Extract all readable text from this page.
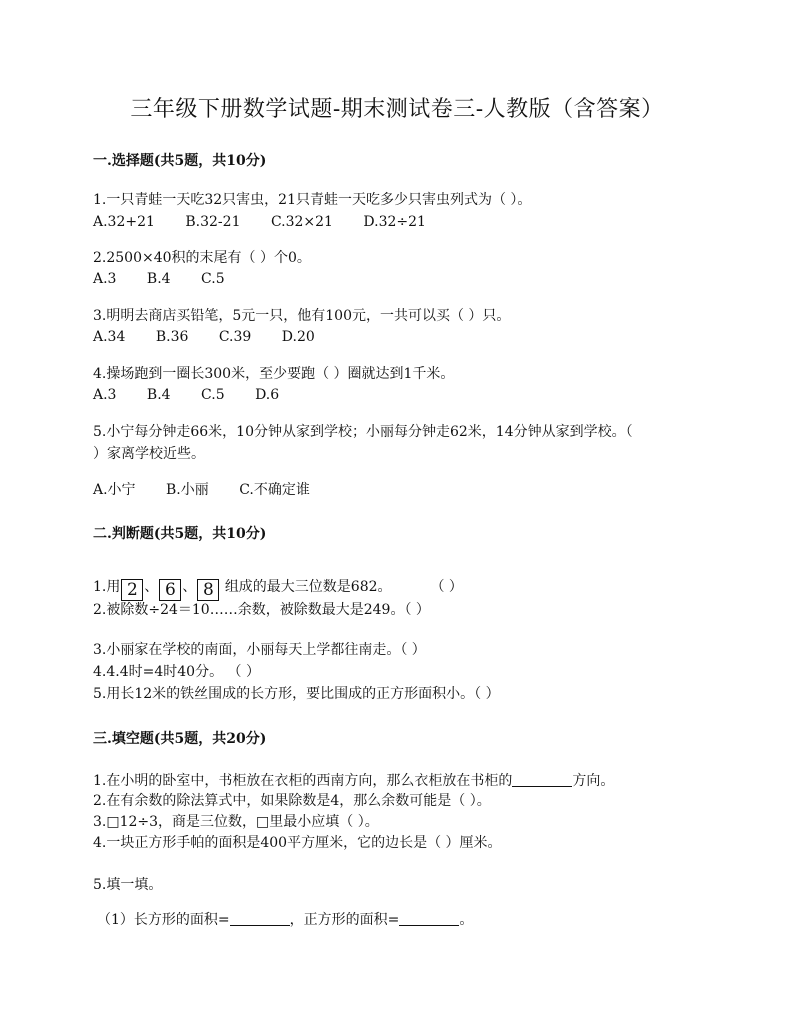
三年级下册数学试题-期末测试卷三-人教版（含答案）
一.选择题(共5题，共10分)
1.一只青蛙一天吃32只害虫，21只青蛙一天吃多少只害虫列式为（ ）。
A.32+21 B.32-21 C.32×21 D.32÷21
2.2500×40积的末尾有（ ）个0。
A.3 B.4 C.5
3.明明去商店买铅笔，5元一只，他有100元，一共可以买（ ）只。
A.34 B.36 C.39 D.20
4.操场跑到一圈长300米，至少要跑（ ）圈就达到1千米。
A.3 B.4 C.5 D.6
5.小宁每分钟走66米，10分钟从家到学校；小丽每分钟走62米，14分钟从家到学校。（
）家离学校近些。
A.小宁 B.小丽 C.不确定谁
二.判断题(共5题，共10分)
1.用 2 、 6 、 8 组成的最大三位数是682。	（ ）
2.被除数÷24＝10……余数，被除数最大是249。（ ）
3.小丽家在学校的南面，小丽每天上学都往南走。（ ）
4.4.4时=4时40分。 （ ）
5.用长12米的铁丝围成的长方形，要比围成的正方形面积小。（ ）
三.填空题(共5题，共20分)
1.在小明的卧室中，书柜放在衣柜的西南方向，那么衣柜放在书柜的	方向。
2.在有余数的除法算式中，如果除数是4，那么余数可能是（ ）。
3.□12÷3，商是三位数，□里最小应填（ ）。
4.一块正方形手帕的面积是400平方厘米，它的边长是（ ）厘米。
5.填一填。
（1）长方形的面积=	，正方形的面积=	。
